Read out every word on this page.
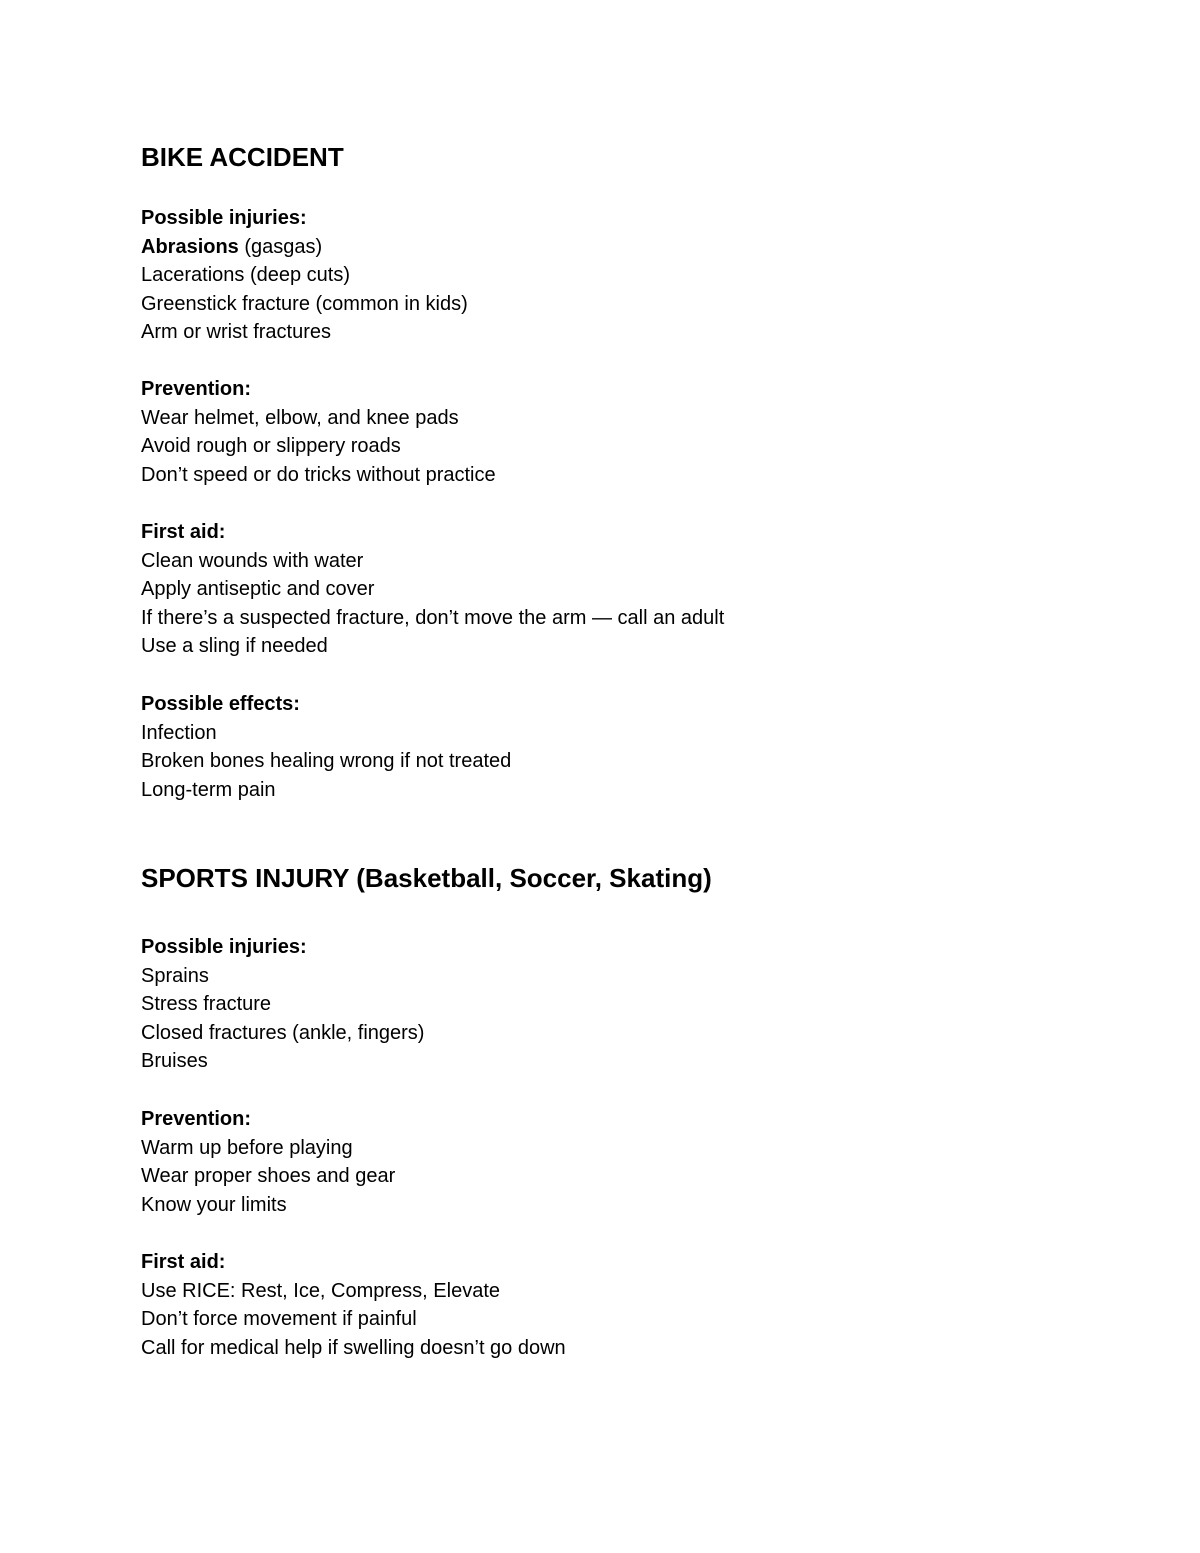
BIKE ACCIDENT

Possible injuries:

Abrasions (gasgas)

Lacerations (deep cuts)

Greenstick fracture (common in kids)

Arm or wrist fractures

Prevention:

Wear helmet, elbow, and knee pads

Avoid rough or slippery roads

Don’t speed or do tricks without practice

First aid:

Clean wounds with water

Apply antiseptic and cover

If there’s a suspected fracture, don’t move the arm — call an adult

Use a sling if needed

Possible effects:

Infection

Broken bones healing wrong if not treated

Long-term pain

SPORTS INJURY (Basketball, Soccer, Skating)

Possible injuries:

Sprains

Stress fracture

Closed fractures (ankle, fingers)

Bruises

Prevention:

Warm up before playing

Wear proper shoes and gear

Know your limits

First aid:

Use RICE: Rest, Ice, Compress, Elevate

Don’t force movement if painful

Call for medical help if swelling doesn’t go down
